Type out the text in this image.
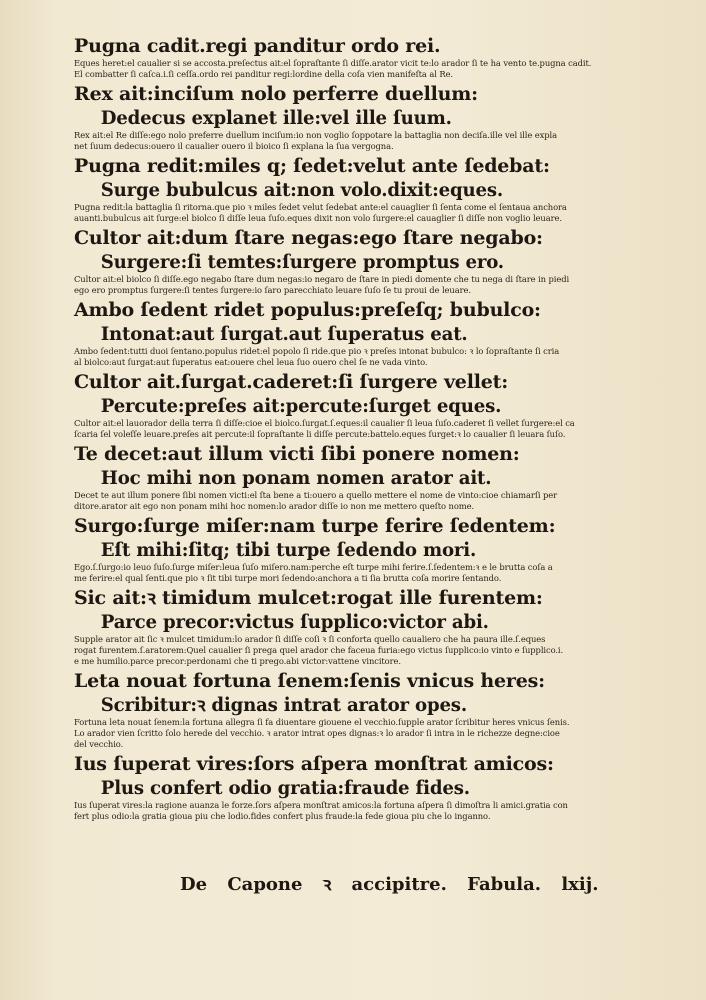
Pugna cadit.regi panditur ordo rei.
Eques heret:el caualier si se accosta.preſectus ait:el ſopraſtante ſi diſſe.arator vicit te:lo arador ſi te ha vento te.pugna cadit.
El combatter ſi caſca.i.ſi ceſſa.ordo rei panditur regi:lordine della coſa vien manifeſta al Re.
Rex ait:inciſum nolo perferre duellum:
Dedecus explanet ille:vel ille ſuum.
Rex ait:el Re diſſe:ego nolo preferre duellum inciſum:io non voglio ſoppotare la battaglia non deciſa.ille vel ille expla
net ſuum dedecus:ouero il caualier ouero il bioico ſi explana la ſua vergogna.
Pugna redit:miles q; ſedet:velut ante ſedebat:
Surge bubulcus ait:non volo.dixit:eques.
Pugna redit:la battaglia ſi ritorna.que pio ꝛ miles ſedet velut ſedebat ante:el cauaglier ſi ſenta come el ſentaua anchora
auanti.bubulcus ait ſurge:el biolco ſi diſſe leua ſuſo.eques dixit non volo ſurgere:el cauaglier ſi diſſe non voglio leuare.
Cultor ait:dum ſtare negas:ego ſtare negabo:
Surgere:ſi temtes:ſurgere promptus ero.
Cultor ait:el biolco ſi diſſe.ego negabo ſtare dum negas:io negaro de ſtare in piedi domente che tu nega di ſtare in piedi
ego ero promptus ſurgere:ſi tentes ſurgere:io ſaro parecchiato leuare ſuſo ſe tu proui de leuare.
Ambo ſedent ridet populus:preſeſq; bubulco:
Intonat:aut ſurgat.aut ſuperatus eat.
Ambo ſedent:tutti duoi ſentano.populus ridet:el popolo ſi ride.que pio ꝛ preſes intonat bubulco: ꝛ lo ſopraſtante ſi cria
al biolco:aut ſurgat:aut ſuperatus eat:ouere chel leua ſuo ouero chel ſe ne vada vinto.
Cultor ait.ſurgat.caderet:ſi ſurgere vellet:
Percute:preſes ait:percute:ſurget eques.
Cultor ait:el lauorador della terra ſi diſſe:cioe el biolco.ſurgat.ſ.eques:il caualier ſi leua ſuſo.caderet ſi vellet ſurgere:el ca
ſcaria ſel voleſſe leuare.preſes ait percute:il ſopraſtante li diſſe percute:battelo.eques ſurget:ꝛ lo caualier ſi leuara ſuſo.
Te decet:aut illum victi ſibi ponere nomen:
Hoc mihi non ponam nomen arator ait.
Decet te aut illum ponere ſibi nomen victi:el ſta bene a ti:ouero a quello mettere el nome de vinto:cioe chiamarſi per
ditore.arator ait ego non ponam mihi hoc nomen:lo arador diſſe io non me mettero queſto nome.
Surgo:ſurge miſer:nam turpe ferire ſedentem:
Eſt mihi:ſitq; tibi turpe ſedendo mori.
Ego.ſ.ſurgo:io leuo ſuſo.ſurge miſer:leua ſuſo miſero.nam:perche eſt turpe mihi ferire.ſ.ſedentem:ꝛ e le brutta coſa a
me ferire:el qual ſenti.que pio ꝛ ſit tibi turpe mori ſedendo:anchora a ti ſia brutta coſa morire ſentando.
Sic ait:ꝛ timidum mulcet:rogat ille furentem:
Parce precor:victus ſupplico:victor abi.
Supple arator ait ſic ꝛ mulcet timidum:lo arador ſi diſſe coſi ꝛ ſi conforta quello caualiero che ha paura ille.ſ.eques
rogat furentem.ſ.aratorem:Quel caualier ſi prega quel arador che faceua furia:ego victus ſupplico:io vinto e ſupplico.i.
e me humilio.parce precor:perdonami che ti prego.abi victor:vattene vincitore.
Leta nouat fortuna ſenem:ſenis vnicus heres:
Scribitur:ꝛ dignas intrat arator opes.
Fortuna leta nouat ſenem:la fortuna allegra ſi fa diuentare giouene el vecchio.ſupple arator ſcribitur heres vnicus ſenis.
Lo arador vien ſcritto ſolo herede del vecchio. ꝛ arator intrat opes dignas:ꝛ lo arador ſi intra in le richezze degne:cioe
del vecchio.
Ius ſuperat vires:ſors aſpera monſtrat amicos:
Plus confert odio gratia:fraude fides.
Ius ſuperat vires:la ragione auanza le forze.ſors aſpera monſtrat amicos:la fortuna aſpera ſi dimoſtra li amici.gratia con
fert plus odio:la gratia gioua piu che lodio.fides confert plus fraude:la fede gioua piu che lo inganno.
De Capone ꝛ accipitre. Fabula. lxij.
